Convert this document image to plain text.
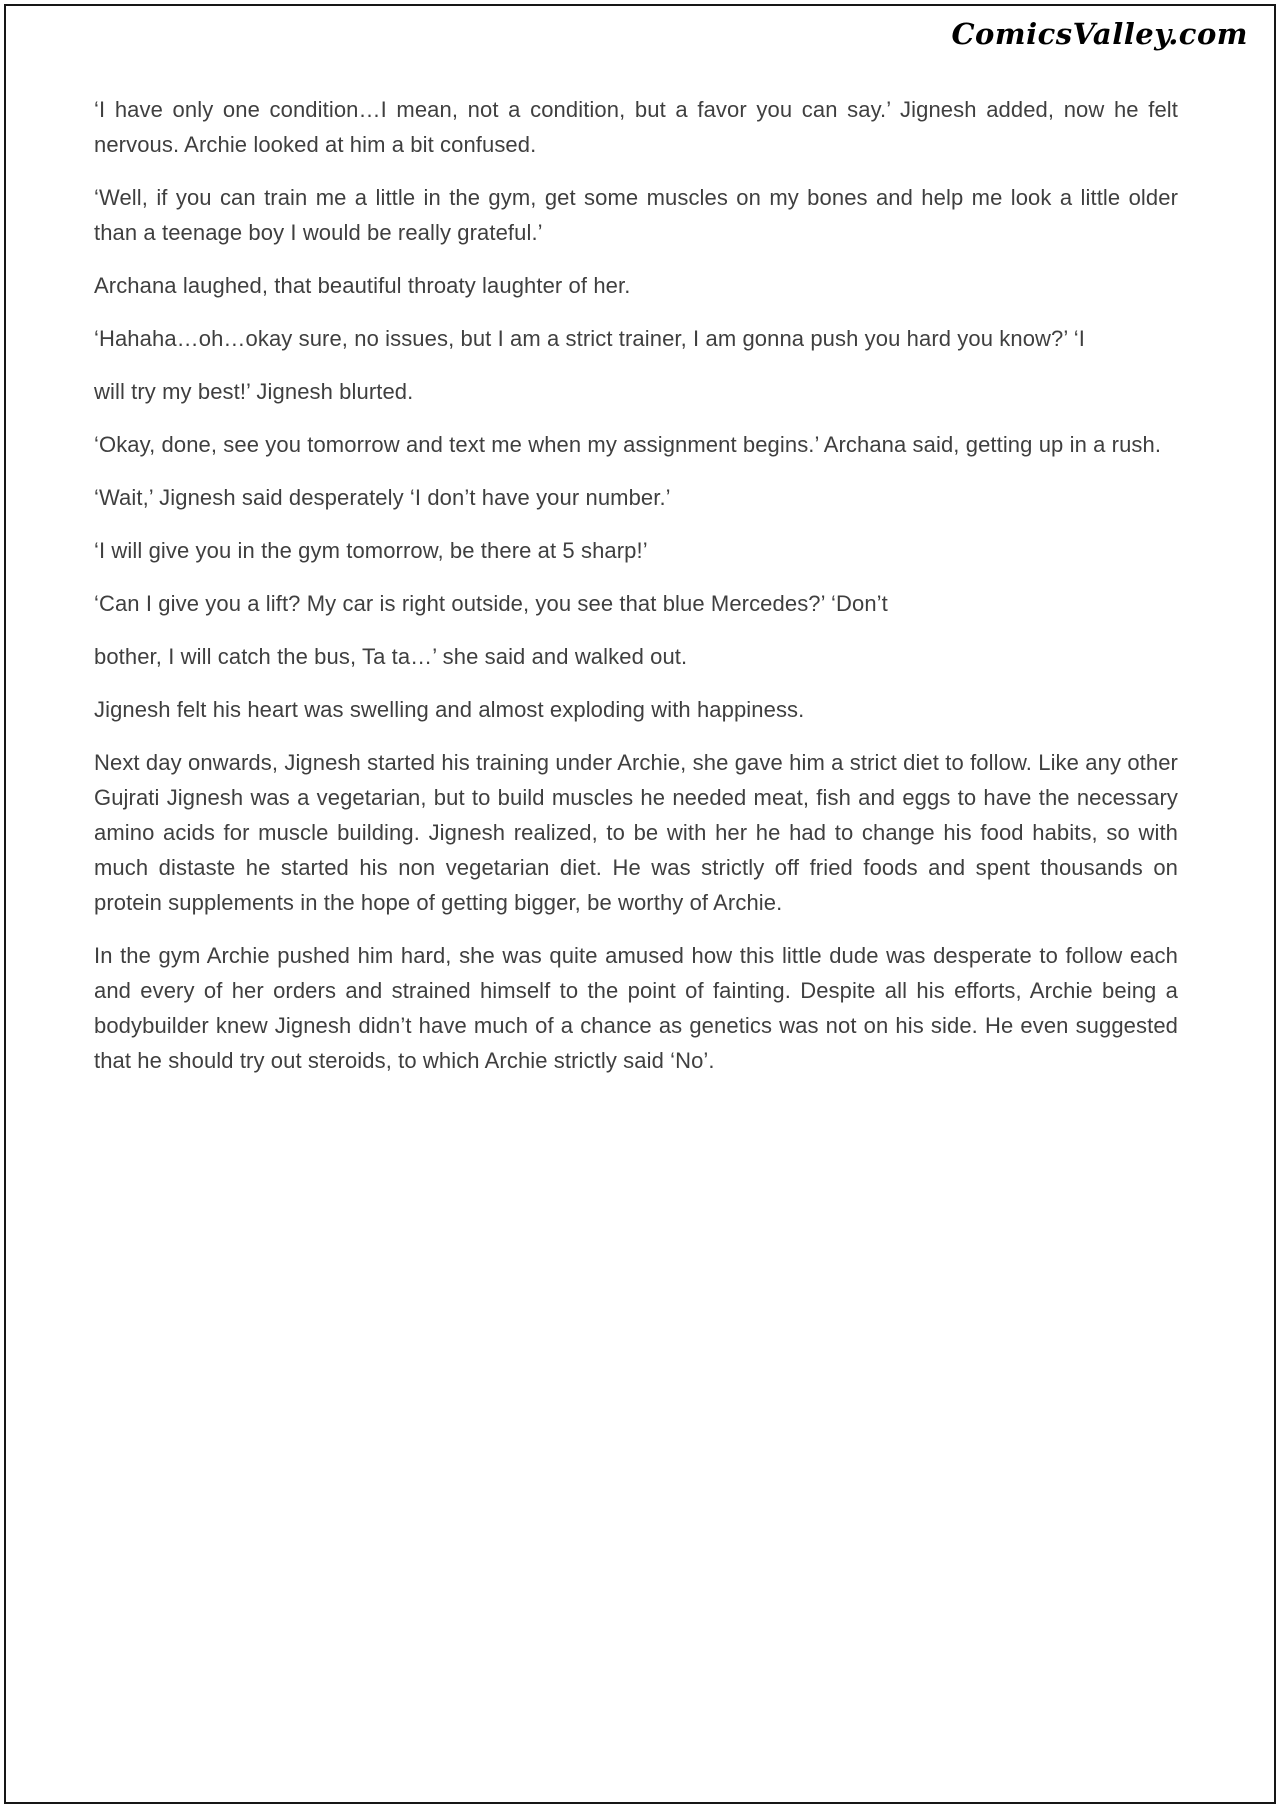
ComicsValley.com

‘I have only one condition…I mean, not a condition, but a favor you can say.’ Jignesh added, now he felt nervous. Archie looked at him a bit confused.

‘Well, if you can train me a little in the gym, get some muscles on my bones and help me look a little older than a teenage boy I would be really grateful.’

Archana laughed, that beautiful throaty laughter of her.

‘Hahaha…oh…okay sure, no issues, but I am a strict trainer, I am gonna push you hard you know?’ ‘I

will try my best!’ Jignesh blurted.

‘Okay, done, see you tomorrow and text me when my assignment begins.’ Archana said, getting up in a rush.

‘Wait,’ Jignesh said desperately ‘I don’t have your number.’

‘I will give you in the gym tomorrow, be there at 5 sharp!’

‘Can I give you a lift? My car is right outside, you see that blue Mercedes?’ ‘Don’t

bother, I will catch the bus, Ta ta…’ she said and walked out.

Jignesh felt his heart was swelling and almost exploding with happiness.

Next day onwards, Jignesh started his training under Archie, she gave him a strict diet to follow. Like any other Gujrati Jignesh was a vegetarian, but to build muscles he needed meat, fish and eggs to have the necessary amino acids for muscle building. Jignesh realized, to be with her he had to change his food habits, so with much distaste he started his non vegetarian diet. He was strictly off fried foods and spent thousands on protein supplements in the hope of getting bigger, be worthy of Archie.

In the gym Archie pushed him hard, she was quite amused how this little dude was desperate to follow each and every of her orders and strained himself to the point of fainting. Despite all his efforts, Archie being a bodybuilder knew Jignesh didn’t have much of a chance as genetics was not on his side. He even suggested that he should try out steroids, to which Archie strictly said ‘No’.
